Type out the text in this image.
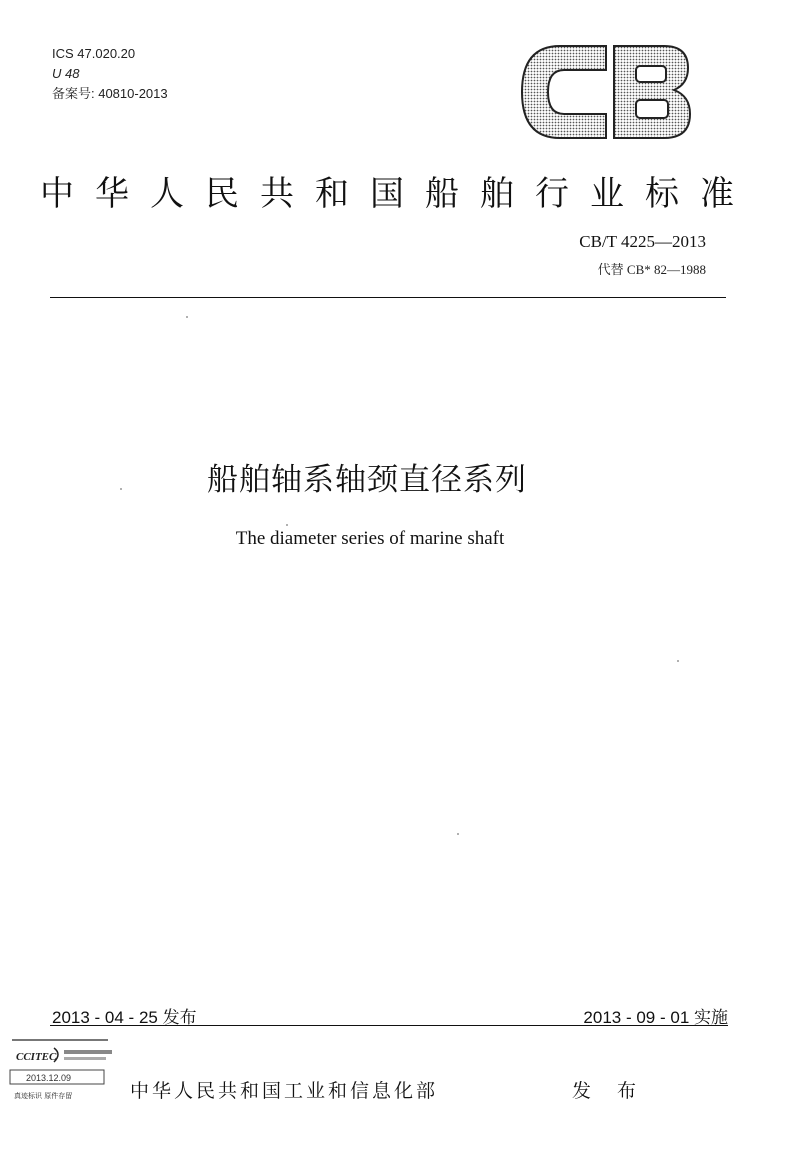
ICS 47.020.20
U 48
备案号: 40810-2013
中华人民共和国船舶行业标准
CB/T 4225—2013
代替 CB* 82—1988
船舶轴系轴颈直径系列
The diameter series of marine shaft
2013 - 04 - 25 发布	2013 - 09 - 01 实施
CCITEC
2013.12.09
真迹标识 原件存留	中华人民共和国工业和信息化部	发 布
